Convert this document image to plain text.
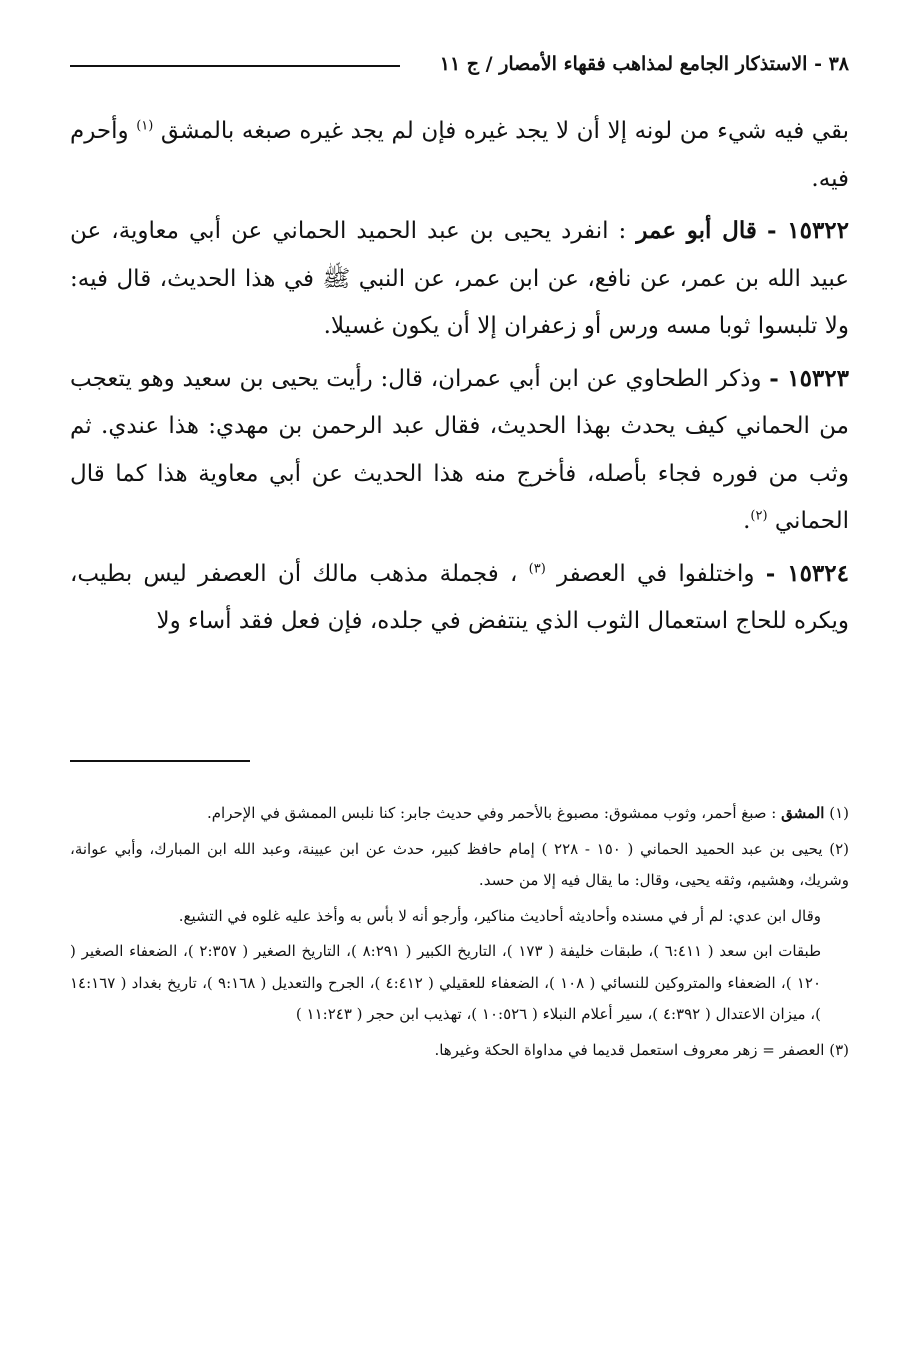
٣٨ - الاستذكار الجامع لمذاهب فقهاء الأمصار / ج ١١

بقي فيه شيء من لونه إلا أن لا يجد غيره فإن لم يجد غيره صبغه بالمشق $^{(١)}$ وأحرم فيه.

١٥٣٢٢ - قال أبو عمر : انفرد يحيى بن عبد الحميد الحماني عن أبي معاوية، عن عبيد الله بن عمر، عن نافع، عن ابن عمر، عن النبي ﷺ في هذا الحديث، قال فيه: ولا تلبسوا ثوبا مسه ورس أو زعفران إلا أن يكون غسيلا.

١٥٣٢٣ - وذكر الطحاوي عن ابن أبي عمران، قال: رأيت يحيى بن سعيد وهو يتعجب من الحماني كيف يحدث بهذا الحديث، فقال عبد الرحمن بن مهدي: هذا عندي. ثم وثب من فوره فجاء بأصله، فأخرج منه هذا الحديث عن أبي معاوية هذا كما قال الحماني $^{(٢)}$.

١٥٣٢٤ - واختلفوا في العصفر $^{(٣)}$ ، فجملة مذهب مالك أن العصفر ليس بطيب، ويكره للحاج استعمال الثوب الذي ينتفض في جلده، فإن فعل فقد أساء ولا

(١) المشق : صبغ أحمر، وثوب ممشوق: مصبوغ بالأحمر وفي حديث جابر: كنا نلبس الممشق في الإحرام.

(٢) يحيى بن عبد الحميد الحماني ( ١٥٠ - ٢٢٨ ) إمام حافظ كبير، حدث عن ابن عيينة، وعبد الله ابن المبارك، وأبي عوانة، وشريك، وهشيم، وثقه يحيى، وقال: ما يقال فيه إلا من حسد.

وقال ابن عدي: لم أر في مسنده وأحاديثه أحاديث مناكير، وأرجو أنه لا بأس به وأخذ عليه غلوه في التشيع.

طبقات ابن سعد ( ٦:٤١١ )، طبقات خليفة ( ١٧٣ )، التاريخ الكبير ( ٨:٢٩١ )، التاريخ الصغير ( ٢:٣٥٧ )، الضعفاء الصغير ( ١٢٠ )، الضعفاء والمتروكين للنسائي ( ١٠٨ )، الضعفاء للعقيلي ( ٤:٤١٢ )، الجرح والتعديل ( ٩:١٦٨ )، تاريخ بغداد ( ١٤:١٦٧ )، ميزان الاعتدال ( ٤:٣٩٢ )، سير أعلام النبلاء ( ١٠:٥٢٦ )، تهذيب ابن حجر ( ١١:٢٤٣ )

(٣) العصفر = زهر معروف استعمل قديما في مداواة الحكة وغيرها.
